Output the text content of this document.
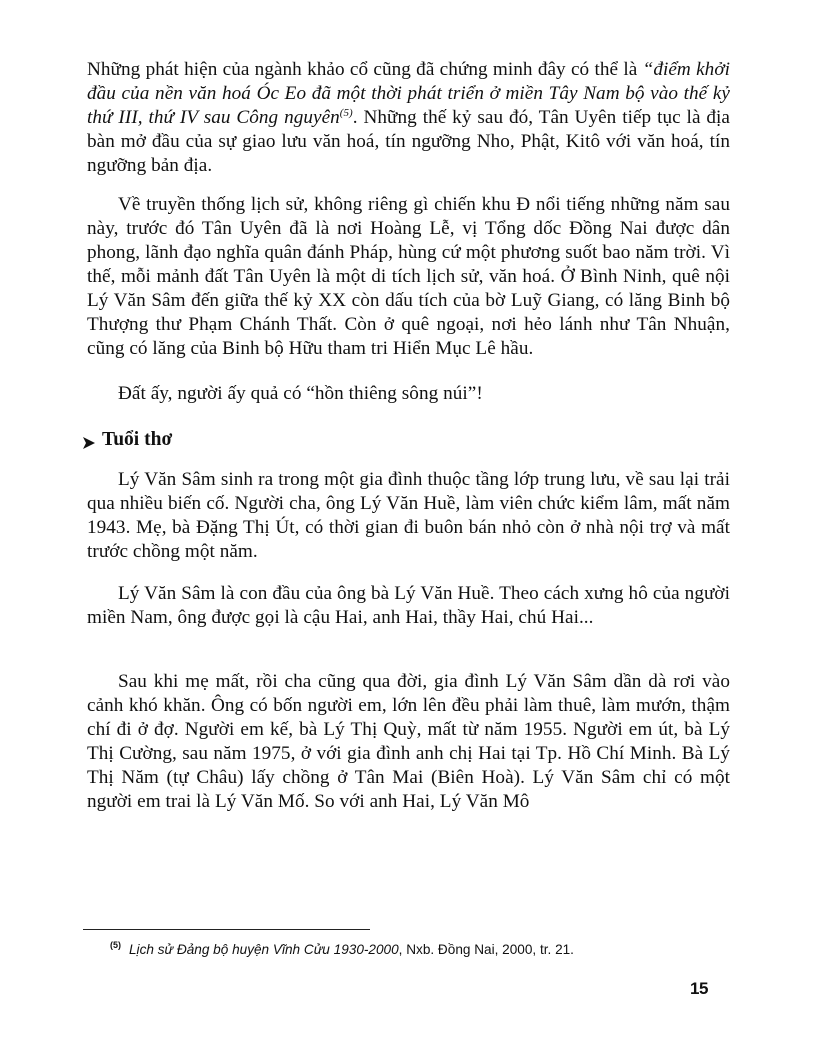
Những phát hiện của ngành khảo cổ cũng đã chứng minh đây có thể là “điểm khởi đầu của nền văn hoá Óc Eo đã một thời phát triển ở miền Tây Nam bộ vào thế kỷ thứ III, thứ IV sau Công nguyên$^{(5)}$. Những thế kỷ sau đó, Tân Uyên tiếp tục là địa bàn mở đầu của sự giao lưu văn hoá, tín ngưỡng Nho, Phật, Kitô với văn hoá, tín ngưỡng bản địa.

Về truyền thống lịch sử, không riêng gì chiến khu Đ nổi tiếng những năm sau này, trước đó Tân Uyên đã là nơi Hoàng Lễ, vị Tổng dốc Đồng Nai được dân phong, lãnh đạo nghĩa quân đánh Pháp, hùng cứ một phương suốt bao năm trời. Vì thế, mỗi mảnh đất Tân Uyên là một di tích lịch sử, văn hoá. Ở Bình Ninh, quê nội Lý Văn Sâm đến giữa thế kỷ XX còn dấu tích của bờ Luỹ Giang, có lăng Binh bộ Thượng thư Phạm Chánh Thất. Còn ở quê ngoại, nơi hẻo lánh như Tân Nhuận, cũng có lăng của Binh bộ Hữu tham tri Hiển Mục Lê hầu.

Đất ấy, người ấy quả có “hồn thiêng sông núi”!

Tuổi thơ

Lý Văn Sâm sinh ra trong một gia đình thuộc tầng lớp trung lưu, về sau lại trải qua nhiều biến cố. Người cha, ông Lý Văn Huề, làm viên chức kiểm lâm, mất năm 1943. Mẹ, bà Đặng Thị Út, có thời gian đi buôn bán nhỏ còn ở nhà nội trợ và mất trước chồng một năm.

Lý Văn Sâm là con đầu của ông bà Lý Văn Huề. Theo cách xưng hô của người miền Nam, ông được gọi là cậu Hai, anh Hai, thầy Hai, chú Hai...

Sau khi mẹ mất, rồi cha cũng qua đời, gia đình Lý Văn Sâm dần dà rơi vào cảnh khó khăn. Ông có bốn người em, lớn lên đều phải làm thuê, làm mướn, thậm chí đi ở đợ. Người em kế, bà Lý Thị Quỳ, mất từ năm 1955. Người em út, bà Lý Thị Cường, sau năm 1975, ở với gia đình anh chị Hai tại Tp. Hồ Chí Minh. Bà Lý Thị Năm (tự Châu) lấy chồng ở Tân Mai (Biên Hoà). Lý Văn Sâm chỉ có một người em trai là Lý Văn Mố. So với anh Hai, Lý Văn Mô

$^{(5)}$ Lịch sử Đảng bộ huyện Vĩnh Cửu 1930-2000, Nxb. Đồng Nai, 2000, tr. 21.
15
